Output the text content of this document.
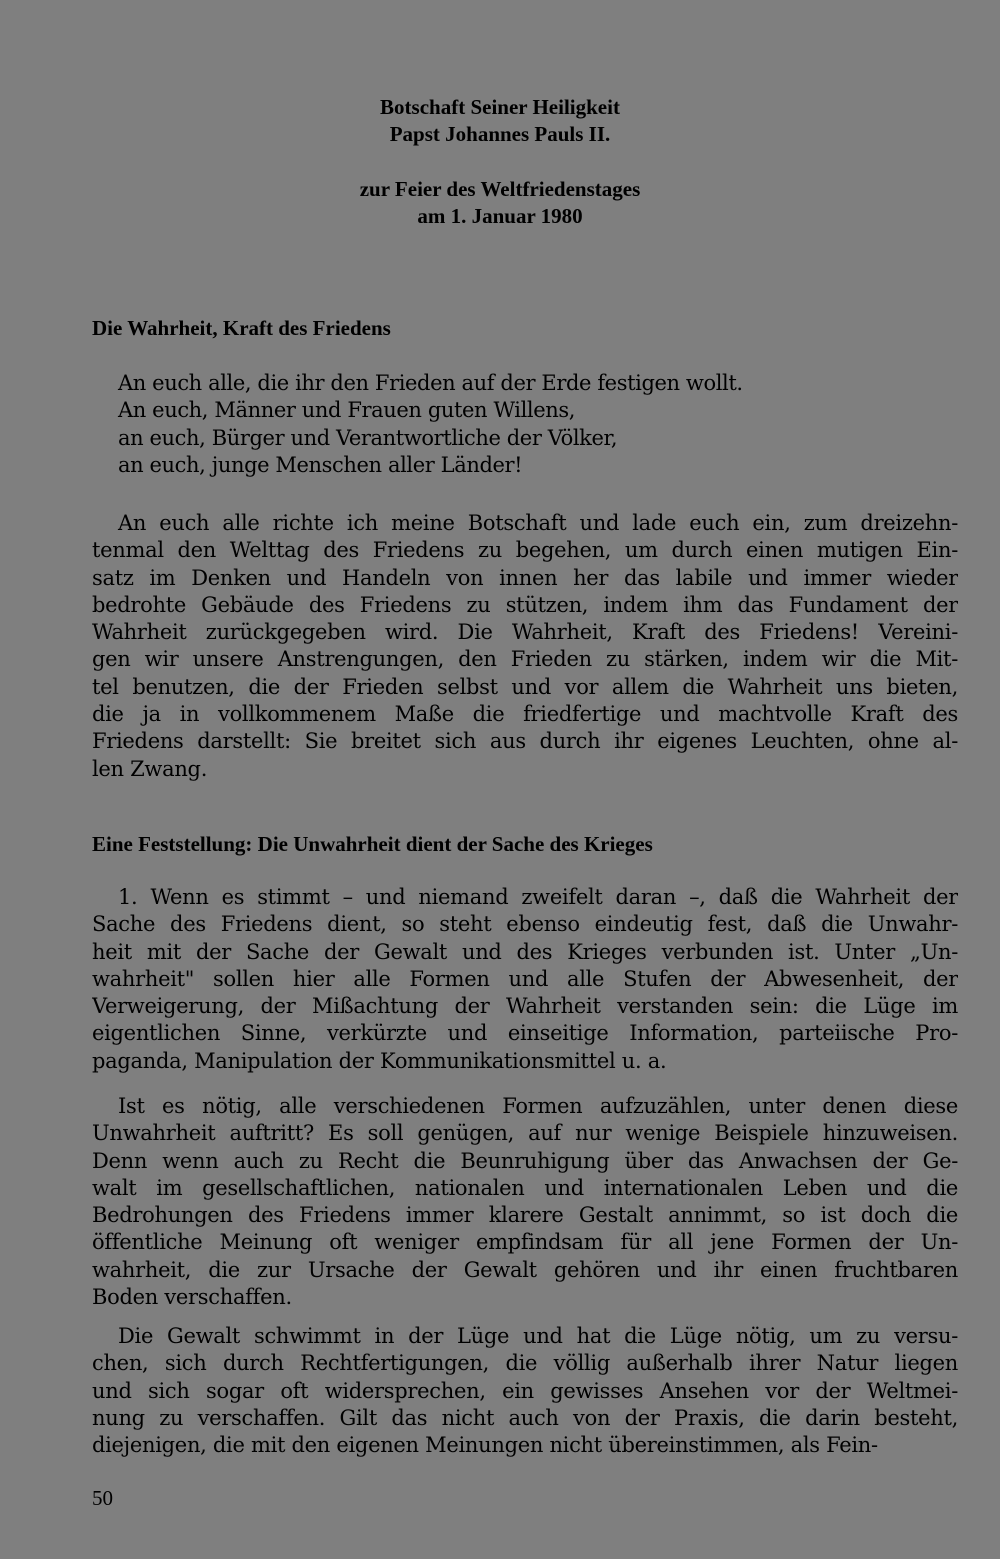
Botschaft Seiner Heiligkeit
Papst Johannes Pauls II.
zur Feier des Weltfriedenstages
am 1. Januar 1980
Die Wahrheit, Kraft des Friedens
An euch alle, die ihr den Frieden auf der Erde festigen wollt.
An euch, Männer und Frauen guten Willens,
an euch, Bürger und Verantwortliche der Völker,
an euch, junge Menschen aller Länder!
An euch alle richte ich meine Botschaft und lade euch ein, zum dreizehn-
tenmal den Welttag des Friedens zu begehen, um durch einen mutigen Ein-
satz im Denken und Handeln von innen her das labile und immer wieder
bedrohte Gebäude des Friedens zu stützen, indem ihm das Fundament der
Wahrheit zurückgegeben wird. Die Wahrheit, Kraft des Friedens! Vereini-
gen wir unsere Anstrengungen, den Frieden zu stärken, indem wir die Mit-
tel benutzen, die der Frieden selbst und vor allem die Wahrheit uns bieten,
die ja in vollkommenem Maße die friedfertige und machtvolle Kraft des
Friedens darstellt: Sie breitet sich aus durch ihr eigenes Leuchten, ohne al-
len Zwang.
Eine Feststellung: Die Unwahrheit dient der Sache des Krieges
1. Wenn es stimmt – und niemand zweifelt daran –, daß die Wahrheit der
Sache des Friedens dient, so steht ebenso eindeutig fest, daß die Unwahr-
heit mit der Sache der Gewalt und des Krieges verbunden ist. Unter „Un-
wahrheit" sollen hier alle Formen und alle Stufen der Abwesenheit, der
Verweigerung, der Mißachtung der Wahrheit verstanden sein: die Lüge im
eigentlichen Sinne, verkürzte und einseitige Information, parteiische Pro-
paganda, Manipulation der Kommunikationsmittel u. a.
Ist es nötig, alle verschiedenen Formen aufzuzählen, unter denen diese
Unwahrheit auftritt? Es soll genügen, auf nur wenige Beispiele hinzuweisen.
Denn wenn auch zu Recht die Beunruhigung über das Anwachsen der Ge-
walt im gesellschaftlichen, nationalen und internationalen Leben und die
Bedrohungen des Friedens immer klarere Gestalt annimmt, so ist doch die
öffentliche Meinung oft weniger empfindsam für all jene Formen der Un-
wahrheit, die zur Ursache der Gewalt gehören und ihr einen fruchtbaren
Boden verschaffen.
Die Gewalt schwimmt in der Lüge und hat die Lüge nötig, um zu versu-
chen, sich durch Rechtfertigungen, die völlig außerhalb ihrer Natur liegen
und sich sogar oft widersprechen, ein gewisses Ansehen vor der Weltmei-
nung zu verschaffen. Gilt das nicht auch von der Praxis, die darin besteht,
diejenigen, die mit den eigenen Meinungen nicht übereinstimmen, als Fein-
50
